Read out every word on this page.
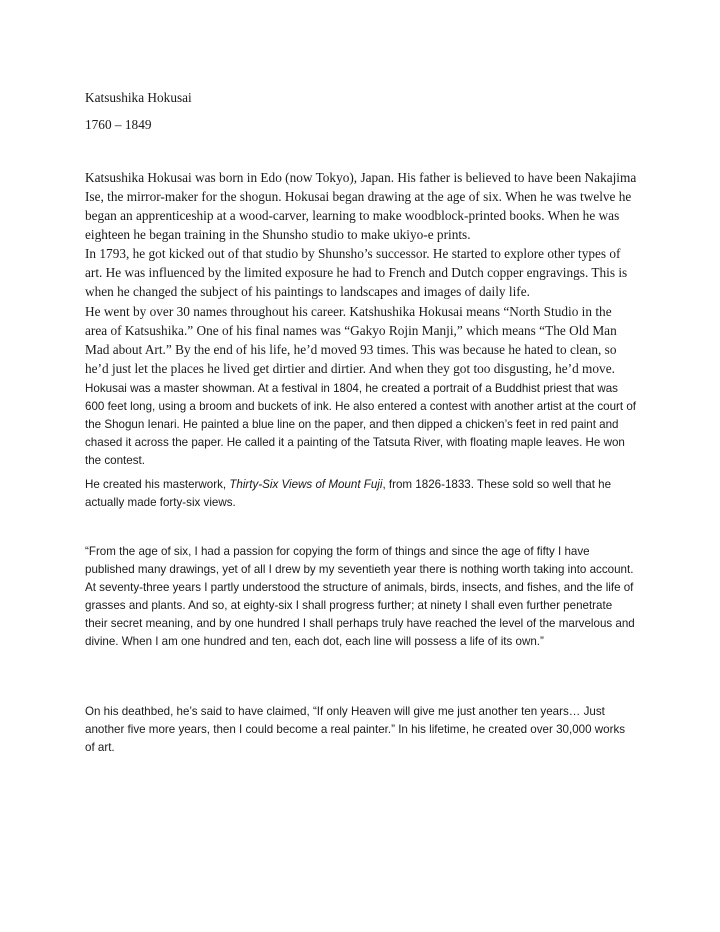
Katsushika Hokusai

1760 – 1849

Katsushika Hokusai was born in Edo (now Tokyo), Japan. His father is believed to have been Nakajima Ise, the mirror-maker for the shogun. Hokusai began drawing at the age of six. When he was twelve he began an apprenticeship at a wood-carver, learning to make woodblock-printed books. When he was eighteen he began training in the Shunsho studio to make ukiyo-e prints.

In 1793, he got kicked out of that studio by Shunsho’s successor. He started to explore other types of art. He was influenced by the limited exposure he had to French and Dutch copper engravings. This is when he changed the subject of his paintings to landscapes and images of daily life.

He went by over 30 names throughout his career. Katshushika Hokusai means “North Studio in the area of Katsushika.” One of his final names was “Gakyo Rojin Manji,” which means “The Old Man Mad about Art.” By the end of his life, he’d moved 93 times. This was because he hated to clean, so he’d just let the places he lived get dirtier and dirtier. And when they got too disgusting, he’d move.

Hokusai was a master showman. At a festival in 1804, he created a portrait of a Buddhist priest that was 600 feet long, using a broom and buckets of ink. He also entered a contest with another artist at the court of the Shogun Ienari. He painted a blue line on the paper, and then dipped a chicken’s feet in red paint and chased it across the paper. He called it a painting of the Tatsuta River, with floating maple leaves. He won the contest.

He created his masterwork, Thirty-Six Views of Mount Fuji, from 1826-1833. These sold so well that he actually made forty-six views.

“From the age of six, I had a passion for copying the form of things and since the age of fifty I have published many drawings, yet of all I drew by my seventieth year there is nothing worth taking into account. At seventy-three years I partly understood the structure of animals, birds, insects, and fishes, and the life of grasses and plants. And so, at eighty-six I shall progress further; at ninety I shall even further penetrate their secret meaning, and by one hundred I shall perhaps truly have reached the level of the marvelous and divine. When I am one hundred and ten, each dot, each line will possess a life of its own.”

On his deathbed, he’s said to have claimed, “If only Heaven will give me just another ten years… Just another five more years, then I could become a real painter.” In his lifetime, he created over 30,000 works of art.
